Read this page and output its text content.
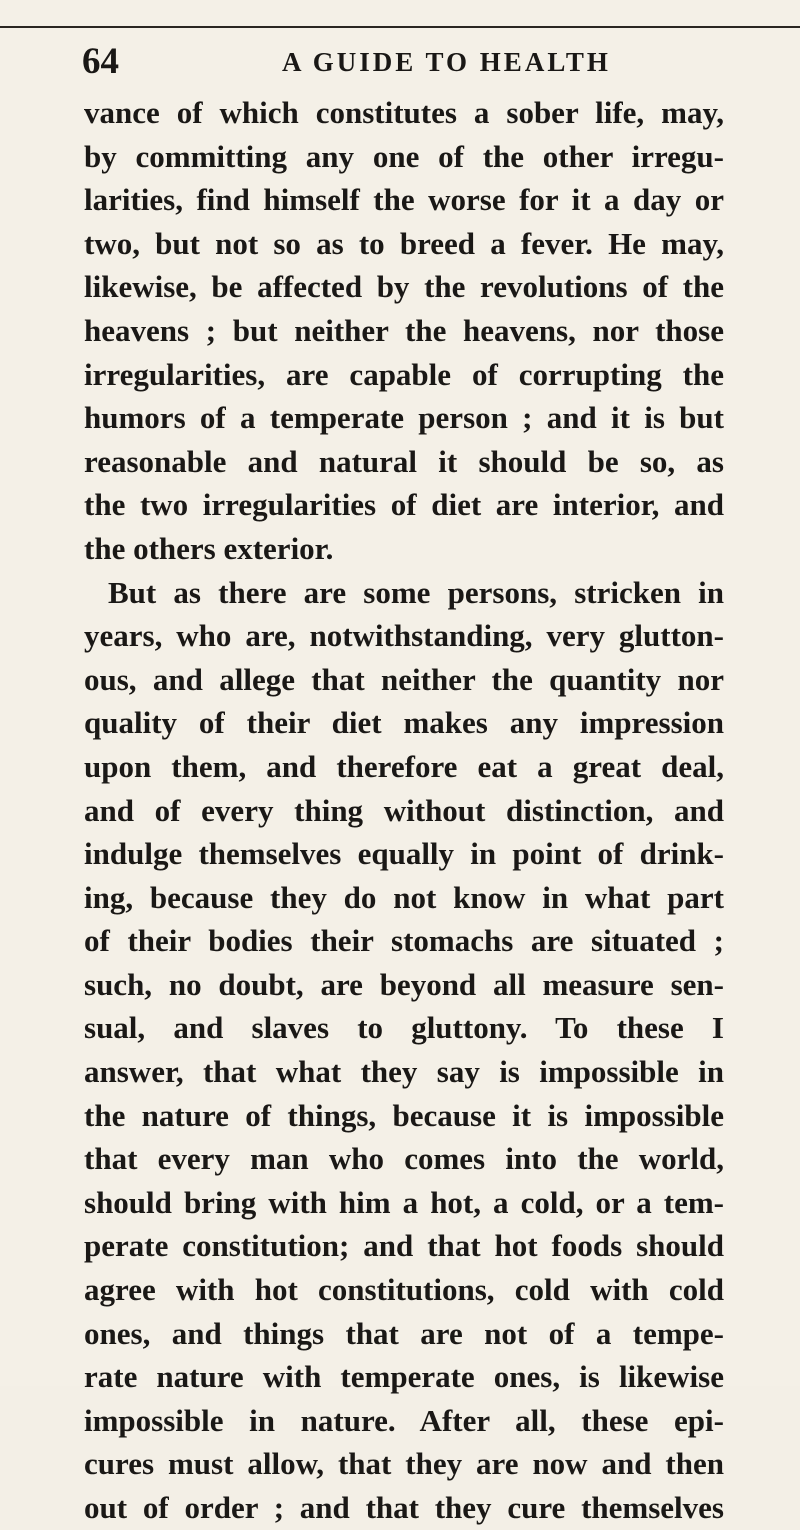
64	A GUIDE TO HEALTH
vance of which constitutes a sober life, may,
by committing any one of the other irregu-
larities, find himself the worse for it a day or
two, but not so as to breed a fever. He may,
likewise, be affected by the revolutions of the
heavens ; but neither the heavens, nor those
irregularities, are capable of corrupting the
humors of a temperate person ; and it is but
reasonable and natural it should be so, as
the two irregularities of diet are interior, and
the others exterior.
But as there are some persons, stricken in
years, who are, notwithstanding, very glutton-
ous, and allege that neither the quantity nor
quality of their diet makes any impression
upon them, and therefore eat a great deal,
and of every thing without distinction, and
indulge themselves equally in point of drink-
ing, because they do not know in what part
of their bodies their stomachs are situated ;
such, no doubt, are beyond all measure sen-
sual, and slaves to gluttony. To these I
answer, that what they say is impossible in
the nature of things, because it is impossible
that every man who comes into the world,
should bring with him a hot, a cold, or a tem-
perate constitution; and that hot foods should
agree with hot constitutions, cold with cold
ones, and things that are not of a tempe-
rate nature with temperate ones, is likewise
impossible in nature. After all, these epi-
cures must allow, that they are now and then
out of order ; and that they cure themselves
